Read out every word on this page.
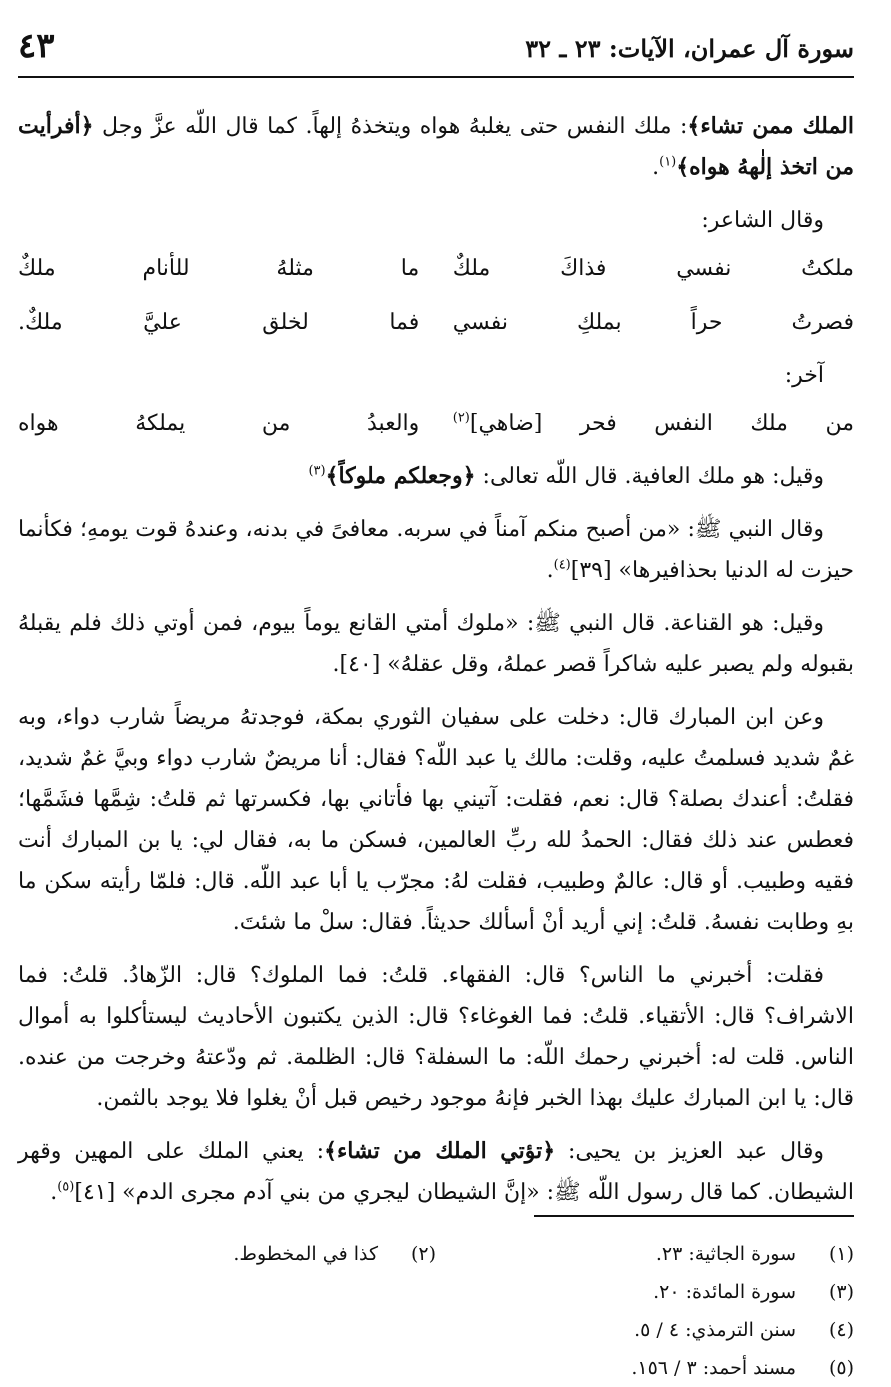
سورة آل عمران، الآيات: ٢٣ ـ ٣٢
٤٣

الملك ممن تشاء﴾: ملك النفس حتى يغلبهُ هواه ويتخذهُ إلهاً. كما قال اللّه عزَّ وجل ﴿أفرأيت من اتخذ إلٰههُ هواه﴾$^{(١)}$.

وقال الشاعر:

ملكتُ نفسي فذاكَ ملكٌ
ما مثلهُ للأنام ملكٌ
فصرتُ حراً بملكِ نفسي
فما لخلق عليَّ ملكٌ.

آخر:

من ملك النفس فحر [ضاهي]$^{(٢)}$
والعبدُ من يملكهُ هواه

وقيل: هو ملك العافية. قال اللّه تعالى: ﴿وجعلكم ملوكاً﴾$^{(٣)}$

وقال النبي ﷺ: «من أصبح منكم آمناً في سربه. معافىً في بدنه، وعندهُ قوت يومهِ؛ فكأنما حيزت له الدنيا بحذافيرها» [٣٩]$^{(٤)}$.

وقيل: هو القناعة. قال النبي ﷺ: «ملوك أمتي القانع يوماً بيوم، فمن أوتي ذلك فلم يقبلهُ بقبوله ولم يصبر عليه شاكراً قصر عملهُ، وقل عقلهُ» [٤٠].

وعن ابن المبارك قال: دخلت على سفيان الثوري بمكة، فوجدتهُ مريضاً شارب دواء، وبه غمٌ شديد فسلمتُ عليه، وقلت: مالك يا عبد اللّه؟ فقال: أنا مريضٌ شارب دواء وبيَّ غمٌ شديد، فقلتُ: أعندك بصلة؟ قال: نعم، فقلت: آتيني بها فأتاني بها، فكسرتها ثم قلتُ: شِمَّها فشَمَّها؛ فعطس عند ذلك فقال: الحمدُ لله ربِّ العالمين، فسكن ما به، فقال لي: يا بن المبارك أنت فقيه وطبيب. أو قال: عالمٌ وطبيب، فقلت لهُ: مجرّب يا أبا عبد اللّه. قال: فلمّا رأيته سكن ما بهِ وطابت نفسهُ. قلتُ: إني أريد أنْ أسألك حديثاً. فقال: سلْ ما شئتَ.

فقلت: أخبرني ما الناس؟ قال: الفقهاء. قلتُ: فما الملوك؟ قال: الزّهادُ. قلتُ: فما الاشراف؟ قال: الأتقياء. قلتُ: فما الغوغاء؟ قال: الذين يكتبون الأحاديث ليستأكلوا به أموال الناس. قلت له: أخبرني رحمك اللّه: ما السفلة؟ قال: الظلمة. ثم ودّعتهُ وخرجت من عنده. قال: يا ابن المبارك عليك بهذا الخبر فإنهُ موجود رخيص قبل أنْ يغلوا فلا يوجد بالثمن.

وقال عبد العزيز بن يحيى: ﴿تؤتي الملك من تشاء﴾: يعني الملك على المهين وقهر الشيطان. كما قال رسول اللّه ﷺ: «إنَّ الشيطان ليجري من بني آدم مجرى الدم» [٤١]$^{(٥)}$.

(١)
سورة الجاثية: ٢٣.
(٢)
كذا في المخطوط.
(٣)
سورة المائدة: ٢٠.
(٤)
سنن الترمذي: ٤ / ٥.
(٥)
مسند أحمد: ٣ / ١٥٦.
